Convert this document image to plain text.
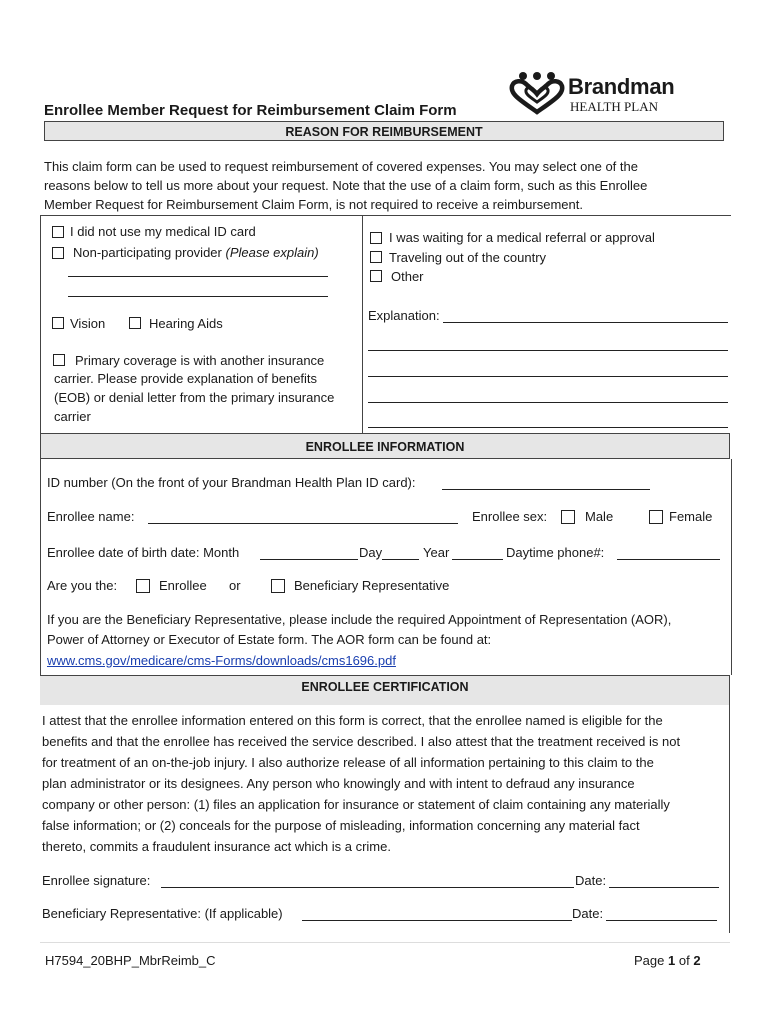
Brandman
HEALTH PLAN
Enrollee Member Request for Reimbursement Claim Form
REASON FOR REIMBURSEMENT
This claim form can be used to request reimbursement of covered expenses. You may select one of the
reasons below to tell us more about your request. Note that the use of a claim form, such as this Enrollee
Member Request for Reimbursement Claim Form, is not required to receive a reimbursement.
I did not use my medical ID card
Non-participating provider (Please explain)
Vision	Hearing Aids
Primary coverage is with another insurance
carrier. Please provide explanation of benefits
(EOB) or denial letter from the primary insurance
carrier
I was waiting for a medical referral or approval
Traveling out of the country
Other
Explanation:
ENROLLEE INFORMATION
ID number (On the front of your Brandman Health Plan ID card):
Enrollee name:	Enrollee sex:	Male	Female
Enrollee date of birth date: Month	Day	Year	Daytime phone#:
Are you the:	Enrollee or	Beneficiary Representative
If you are the Beneficiary Representative, please include the required Appointment of Representation (AOR),
Power of Attorney or Executor of Estate form. The AOR form can be found at:
www.cms.gov/medicare/cms-Forms/downloads/cms1696.pdf
ENROLLEE CERTIFICATION
I attest that the enrollee information entered on this form is correct, that the enrollee named is eligible for the
benefits and that the enrollee has received the service described. I also attest that the treatment received is not
for treatment of an on-the-job injury. I also authorize release of all information pertaining to this claim to the
plan administrator or its designees. Any person who knowingly and with intent to defraud any insurance
company or other person: (1) files an application for insurance or statement of claim containing any materially
false information; or (2) conceals for the purpose of misleading, information concerning any material fact
thereto, commits a fraudulent insurance act which is a crime.
Enrollee signature:	Date:
Beneficiary Representative: (If applicable)	Date:
H7594_20BHP_MbrReimb_C	Page 1 of 2
